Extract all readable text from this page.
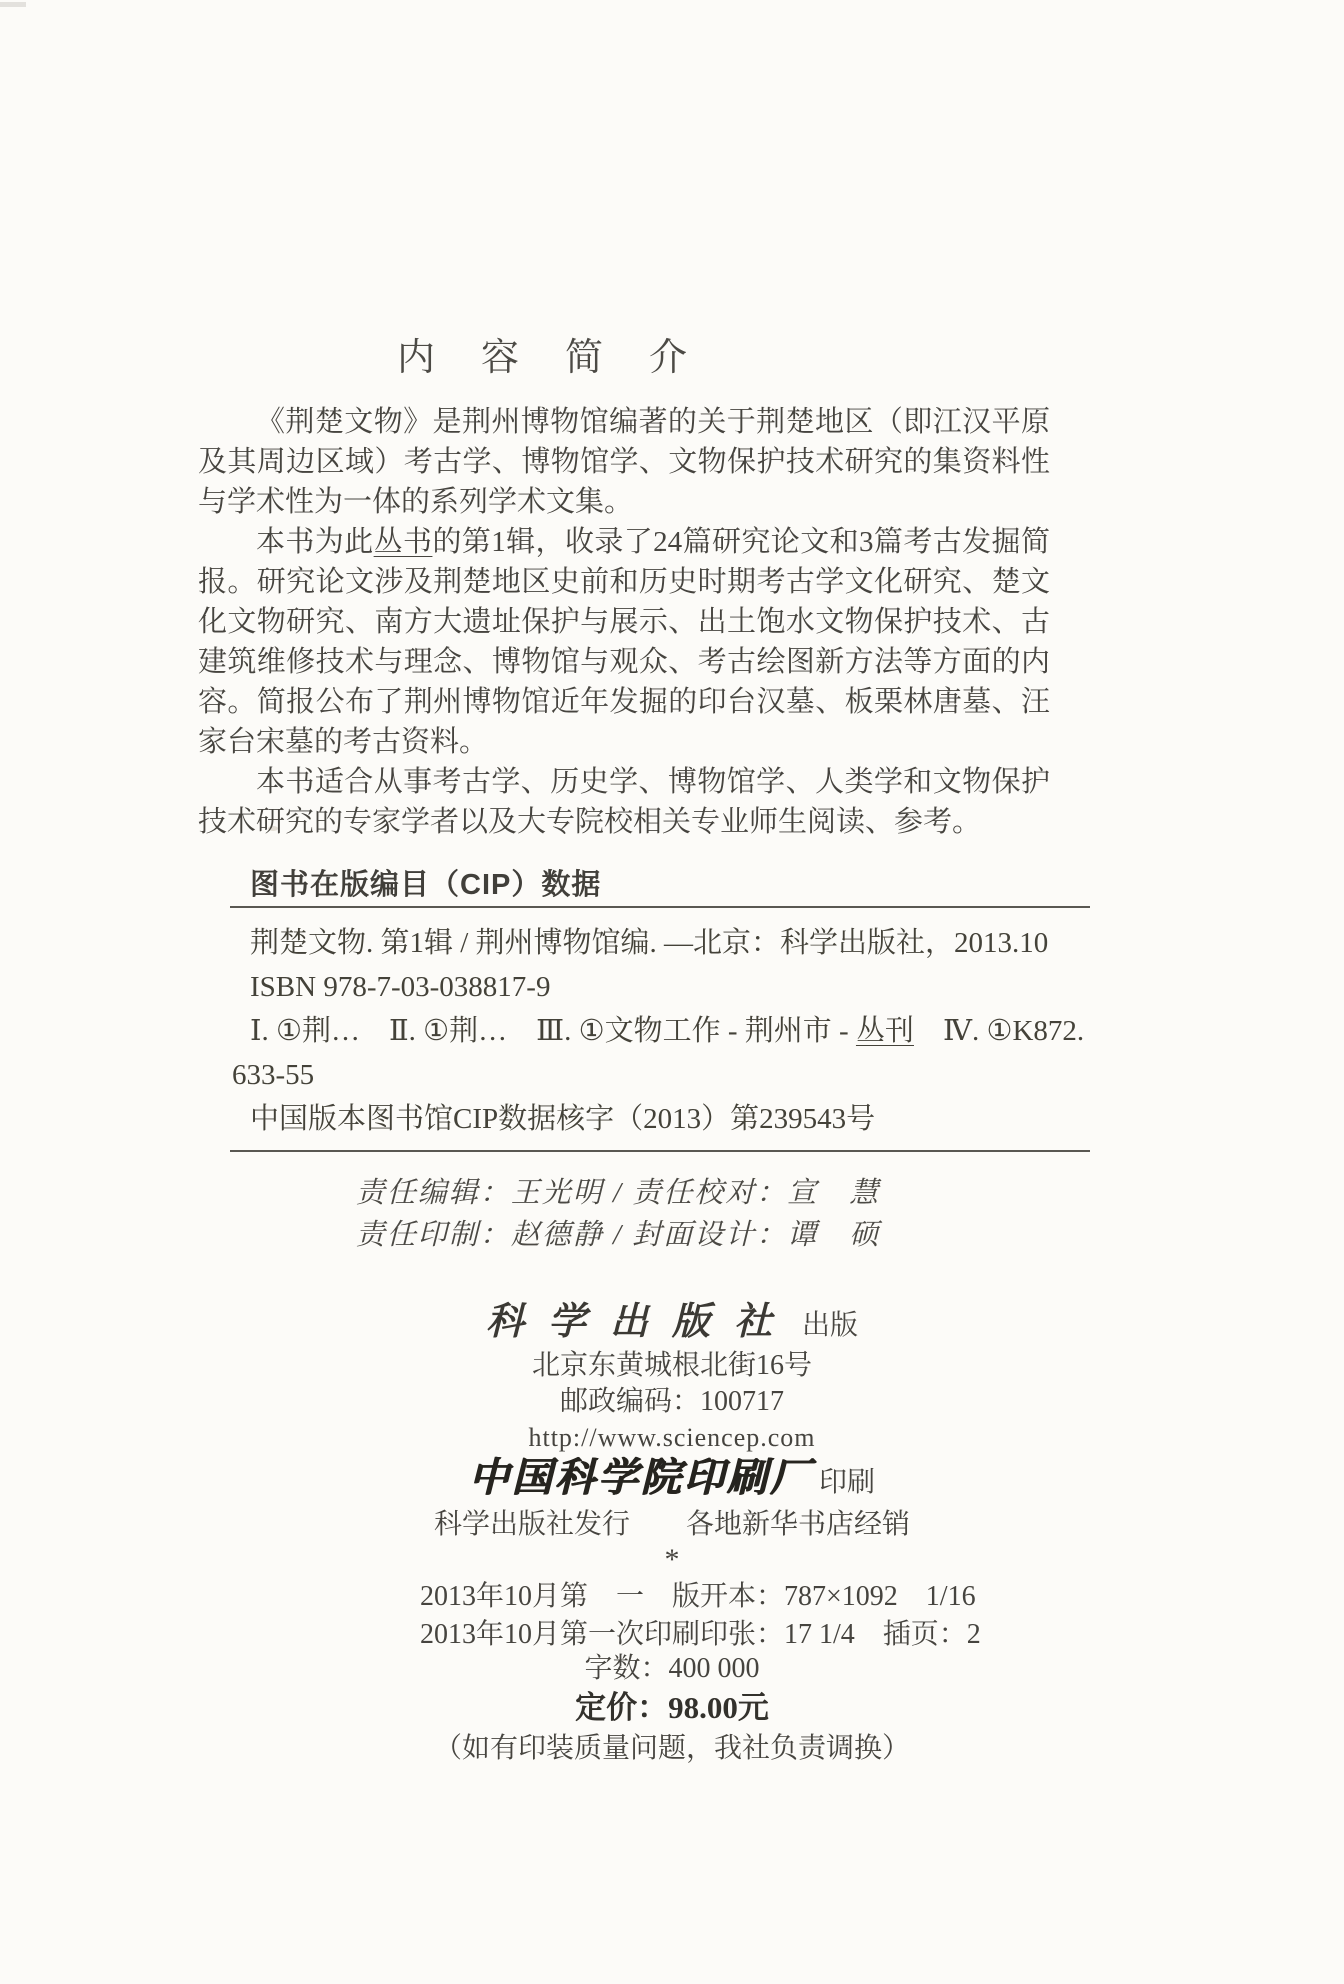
内　容　简　介

《荆楚文物》是荆州博物馆编著的关于荆楚地区（即江汉平原及其周边区域）考古学、博物馆学、文物保护技术研究的集资料性与学术性为一体的系列学术文集。

本书为此丛书的第1辑，收录了24篇研究论文和3篇考古发掘简报。研究论文涉及荆楚地区史前和历史时期考古学文化研究、楚文化文物研究、南方大遗址保护与展示、出土饱水文物保护技术、古建筑维修技术与理念、博物馆与观众、考古绘图新方法等方面的内容。简报公布了荆州博物馆近年发掘的印台汉墓、板栗林唐墓、汪家台宋墓的考古资料。

本书适合从事考古学、历史学、博物馆学、人类学和文物保护技术研究的专家学者以及大专院校相关专业师生阅读、参考。

图书在版编目（CIP）数据
荆楚文物. 第1辑 / 荆州博物馆编. —北京：科学出版社，2013.10
ISBN 978-7-03-038817-9
Ⅰ. ①荆…　Ⅱ. ①荆…　Ⅲ. ①文物工作 - 荆州市 - 丛刊　Ⅳ. ①K872.
633-55
中国版本图书馆CIP数据核字（2013）第239543号
责任编辑：王光明 / 责任校对：宣　慧
责任印制：赵德静 / 封面设计：谭　硕
科学出版社 出版
北京东黄城根北街16号
邮政编码：100717
http://www.sciencep.com
中国科学院印刷厂 印刷
科学出版社发行　　各地新华书店经销
*
2013年10月第　一　版 开本：787×1092　1/16
2013年10月第一次印刷 印张：17 1/4　插页：2
字数：400 000
定价：98.00元
（如有印装质量问题，我社负责调换）
